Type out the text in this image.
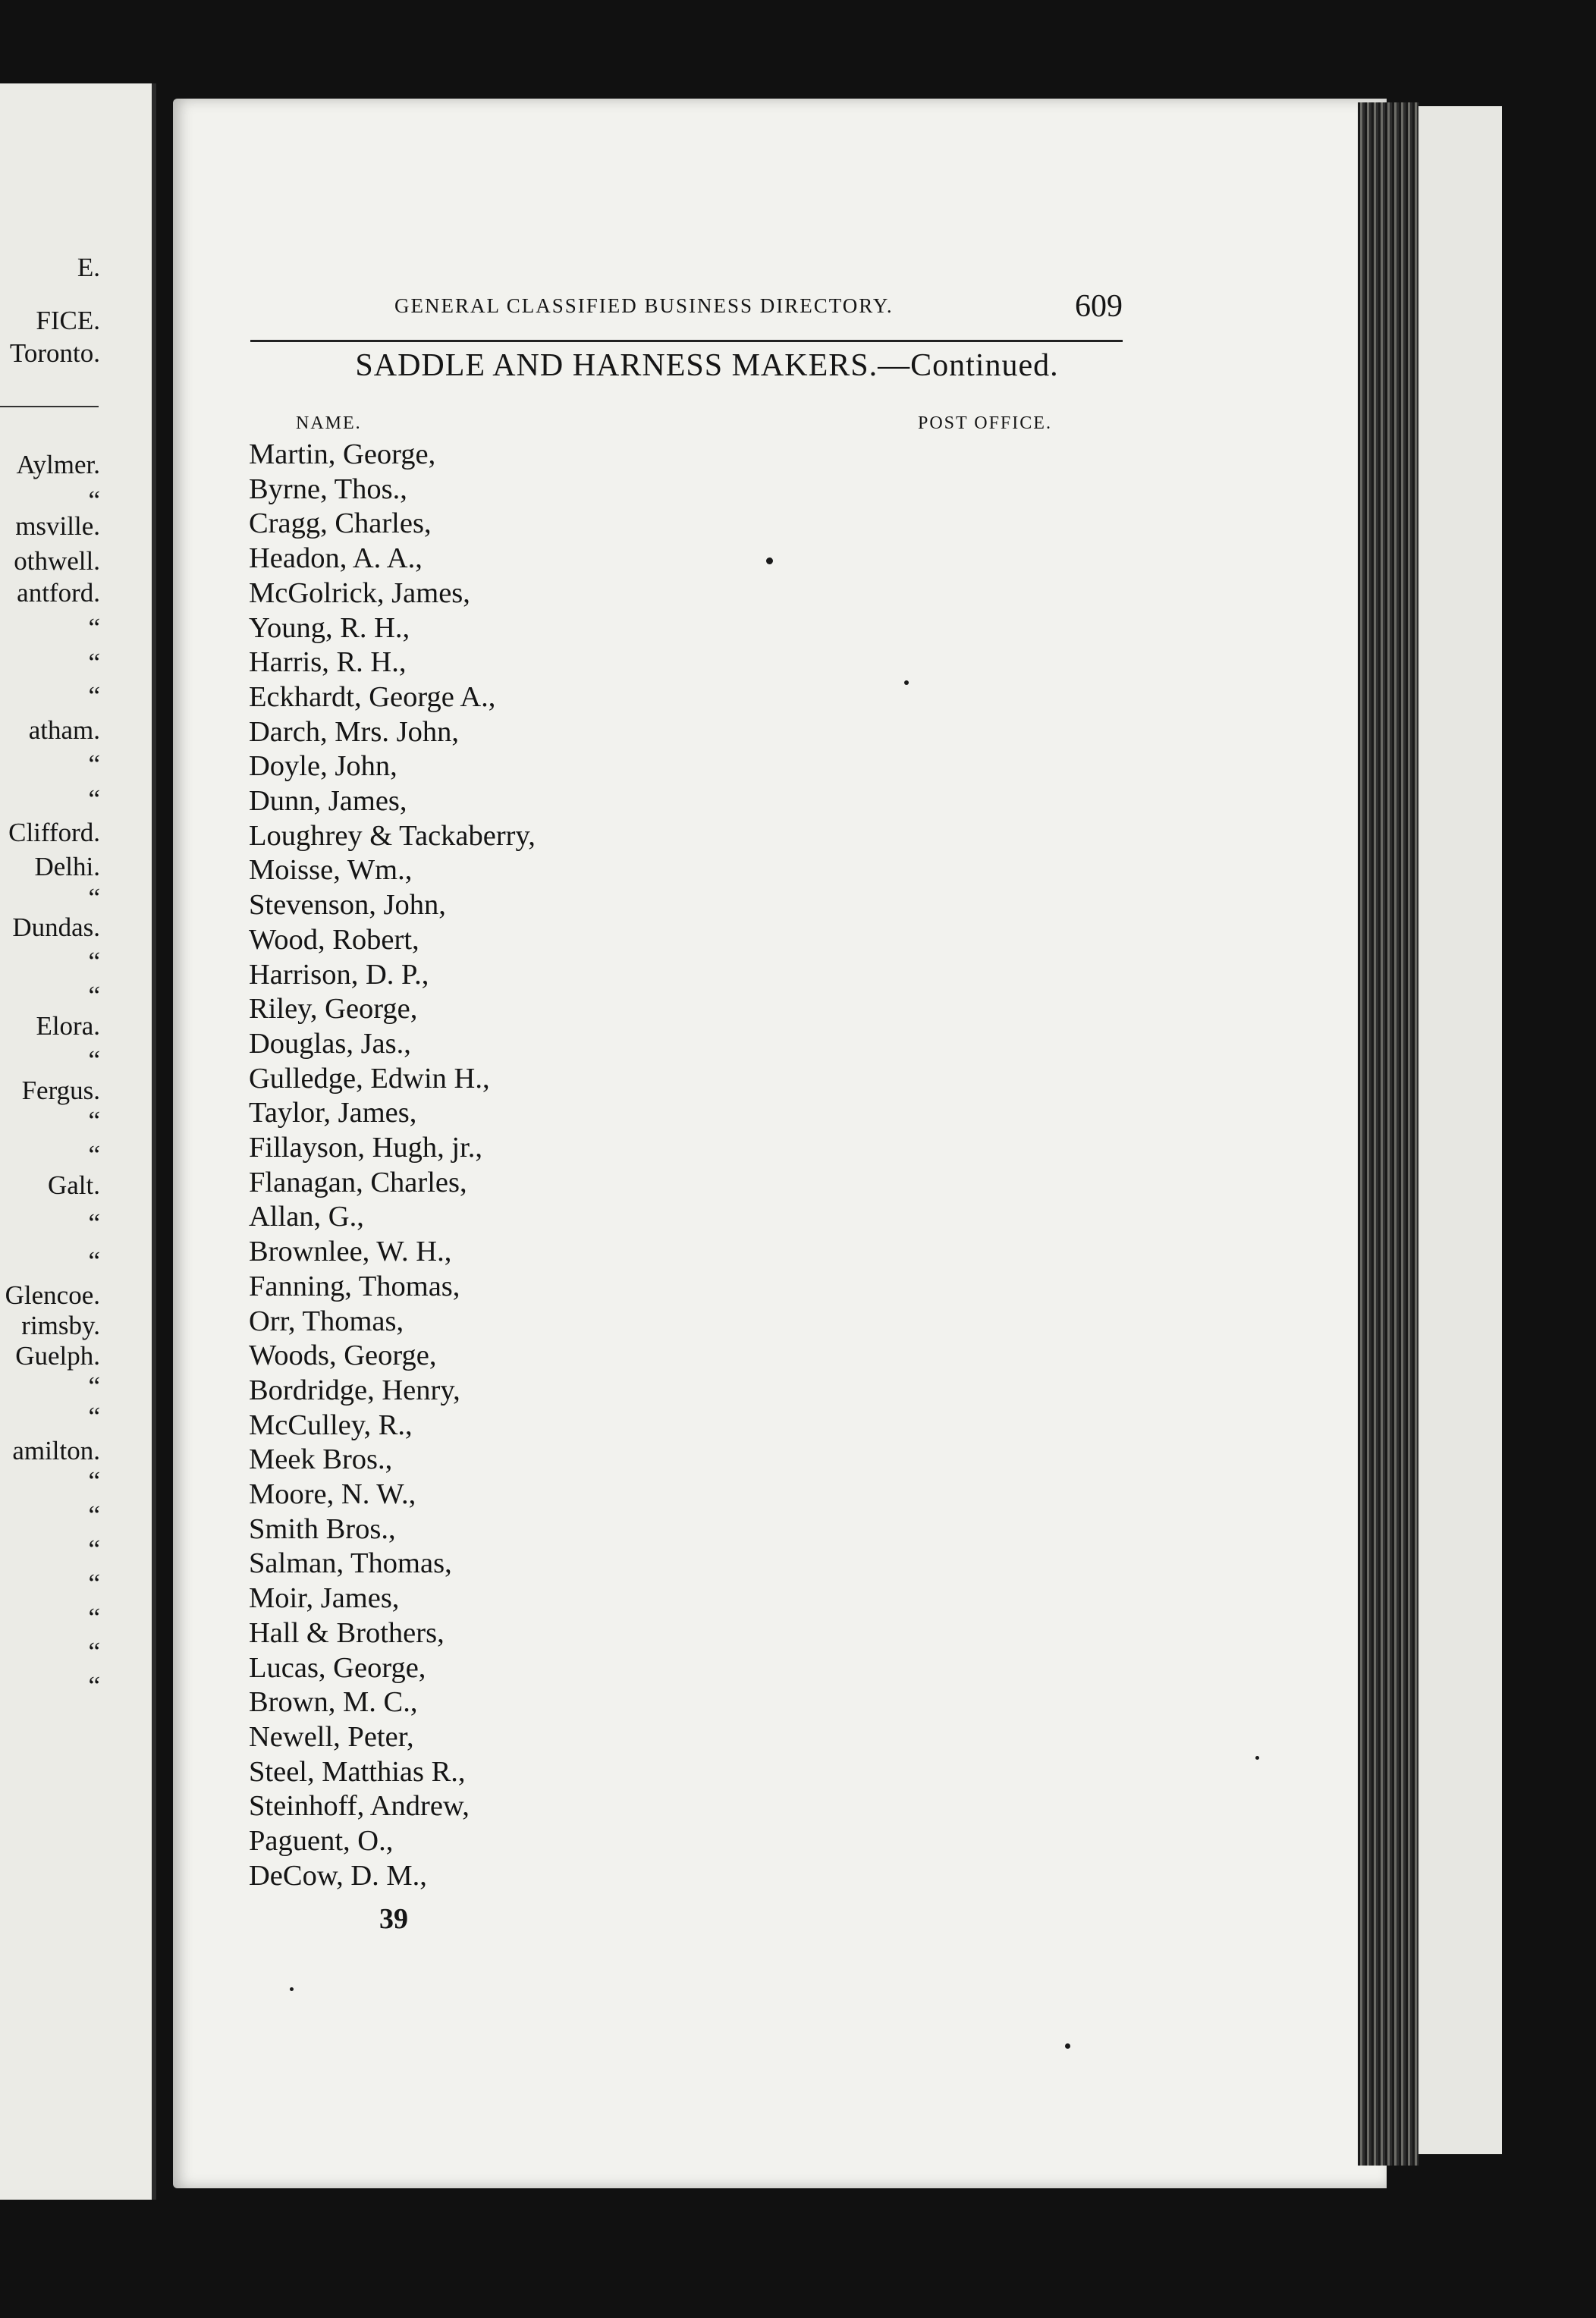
E.
FICE.
Toronto.
Aylmer.
“
msville.
othwell.
antford.
“
“
“
atham.
“
“
Clifford.
Delhi.
“
Dundas.
“
“
Elora.
“
Fergus.
“
“
Galt.
“
“
Glencoe.
rimsby.
Guelph.
“
“
amilton.
“
“
“
“
“
“
“
GENERAL CLASSIFIED BUSINESS DIRECTORY.	609
SADDLE AND HARNESS MAKERS.—Continued.
NAME.	POST OFFICE.
Martin, George,
Byrne, Thos.,
Cragg, Charles,
Headon, A. A.,
McGolrick, James,
Young, R. H.,
Harris, R. H.,
Eckhardt, George A.,
Darch, Mrs. John,
Doyle, John,
Dunn, James,
Loughrey & Tackaberry,
Moisse, Wm.,
Stevenson, John,
Wood, Robert,
Harrison, D. P.,
Riley, George,
Douglas, Jas.,
Gulledge, Edwin H.,
Taylor, James,
Fillayson, Hugh, jr.,
Flanagan, Charles,
Allan, G.,
Brownlee, W. H.,
Fanning, Thomas,
Orr, Thomas,
Woods, George,
Bordridge, Henry,
McCulley, R.,
Meek Bros.,
Moore, N. W.,
Smith Bros.,
Salman, Thomas,
Moir, James,
Hall & Brothers,
Lucas, George,
Brown, M. C.,
Newell, Peter,
Steel, Matthias R.,
Steinhoff, Andrew,
Paguent, O.,
DeCow, D. M.,
39
